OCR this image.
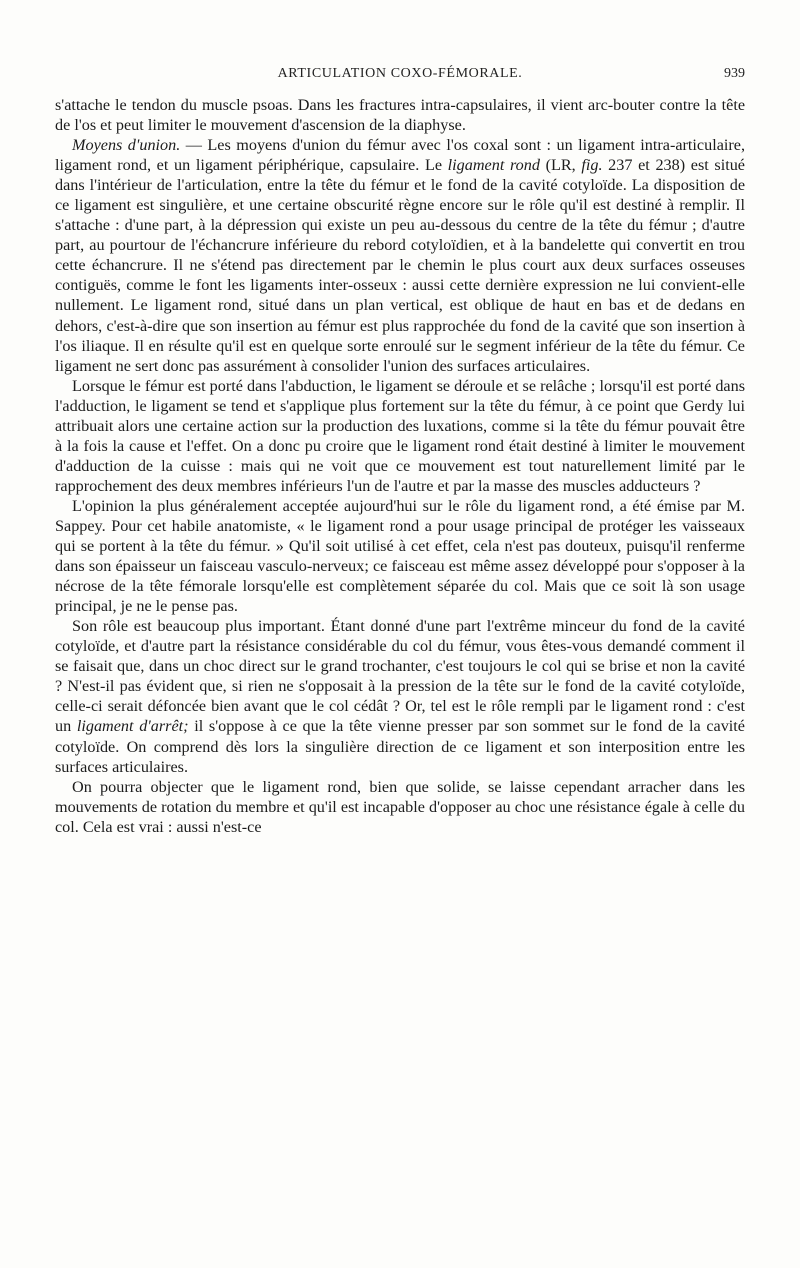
ARTICULATION COXO-FÉMORALE.	939

s'attache le tendon du muscle psoas. Dans les fractures intra-capsulaires, il vient arc-bouter contre la tête de l'os et peut limiter le mouvement d'ascension de la diaphyse.

Moyens d'union. — Les moyens d'union du fémur avec l'os coxal sont : un ligament intra-articulaire, ligament rond, et un ligament périphérique, capsulaire. Le ligament rond (LR, fig. 237 et 238) est situé dans l'intérieur de l'articulation, entre la tête du fémur et le fond de la cavité cotyloïde. La disposition de ce ligament est singulière, et une certaine obscurité règne encore sur le rôle qu'il est destiné à remplir. Il s'attache : d'une part, à la dépression qui existe un peu au-dessous du centre de la tête du fémur ; d'autre part, au pourtour de l'échancrure inférieure du rebord cotyloïdien, et à la bandelette qui convertit en trou cette échancrure. Il ne s'étend pas directement par le chemin le plus court aux deux surfaces osseuses contiguës, comme le font les ligaments inter-osseux : aussi cette dernière expression ne lui convient-elle nullement. Le ligament rond, situé dans un plan vertical, est oblique de haut en bas et de dedans en dehors, c'est-à-dire que son insertion au fémur est plus rapprochée du fond de la cavité que son insertion à l'os iliaque. Il en résulte qu'il est en quelque sorte enroulé sur le segment inférieur de la tête du fémur. Ce ligament ne sert donc pas assurément à consolider l'union des surfaces articulaires.

Lorsque le fémur est porté dans l'abduction, le ligament se déroule et se relâche ; lorsqu'il est porté dans l'adduction, le ligament se tend et s'applique plus fortement sur la tête du fémur, à ce point que Gerdy lui attribuait alors une certaine action sur la production des luxations, comme si la tête du fémur pouvait être à la fois la cause et l'effet. On a donc pu croire que le ligament rond était destiné à limiter le mouvement d'adduction de la cuisse : mais qui ne voit que ce mouvement est tout naturellement limité par le rapprochement des deux membres inférieurs l'un de l'autre et par la masse des muscles adducteurs ?

L'opinion la plus généralement acceptée aujourd'hui sur le rôle du ligament rond, a été émise par M. Sappey. Pour cet habile anatomiste, « le ligament rond a pour usage principal de protéger les vaisseaux qui se portent à la tête du fémur. » Qu'il soit utilisé à cet effet, cela n'est pas douteux, puisqu'il renferme dans son épaisseur un faisceau vasculo-nerveux; ce faisceau est même assez développé pour s'opposer à la nécrose de la tête fémorale lorsqu'elle est complètement séparée du col. Mais que ce soit là son usage principal, je ne le pense pas.

Son rôle est beaucoup plus important. Étant donné d'une part l'extrême minceur du fond de la cavité cotyloïde, et d'autre part la résistance considérable du col du fémur, vous êtes-vous demandé comment il se faisait que, dans un choc direct sur le grand trochanter, c'est toujours le col qui se brise et non la cavité ? N'est-il pas évident que, si rien ne s'opposait à la pression de la tête sur le fond de la cavité cotyloïde, celle-ci serait défoncée bien avant que le col cédât ? Or, tel est le rôle rempli par le ligament rond : c'est un ligament d'arrêt; il s'oppose à ce que la tête vienne presser par son sommet sur le fond de la cavité cotyloïde. On comprend dès lors la singulière direction de ce ligament et son interposition entre les surfaces articulaires.

On pourra objecter que le ligament rond, bien que solide, se laisse cependant arracher dans les mouvements de rotation du membre et qu'il est incapable d'opposer au choc une résistance égale à celle du col. Cela est vrai : aussi n'est-ce
